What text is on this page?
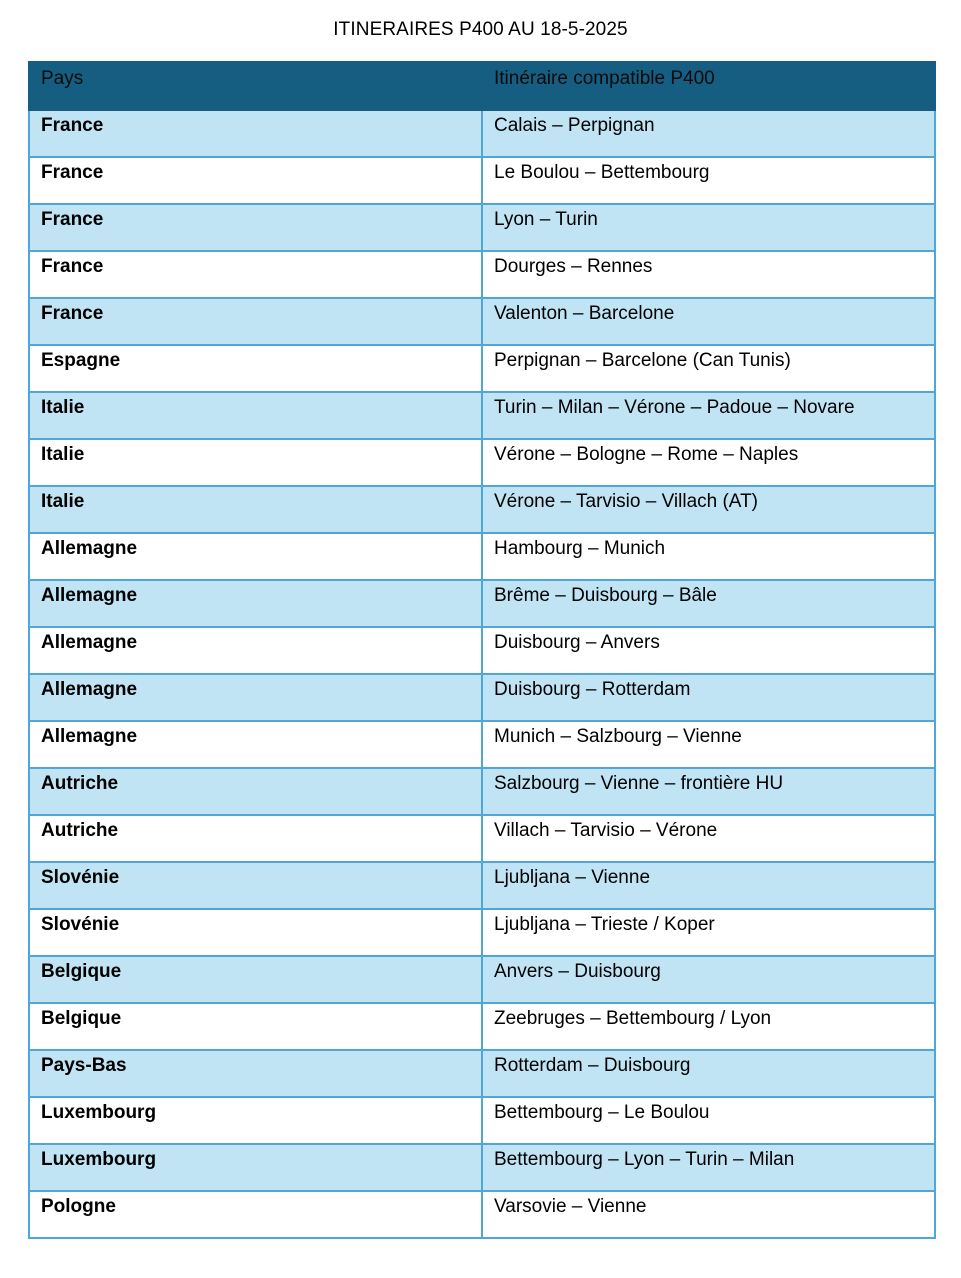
ITINERAIRES P400 AU 18-5-2025
Pays	Itinéraire compatible P400
France	Calais – Perpignan
France	Le Boulou – Bettembourg
France	Lyon – Turin
France	Dourges – Rennes
France	Valenton – Barcelone
Espagne	Perpignan – Barcelone (Can Tunis)
Italie	Turin – Milan – Vérone – Padoue – Novare
Italie	Vérone – Bologne – Rome – Naples
Italie	Vérone – Tarvisio – Villach (AT)
Allemagne	Hambourg – Munich
Allemagne	Brême – Duisbourg – Bâle
Allemagne	Duisbourg – Anvers
Allemagne	Duisbourg – Rotterdam
Allemagne	Munich – Salzbourg – Vienne
Autriche	Salzbourg – Vienne – frontière HU
Autriche	Villach – Tarvisio – Vérone
Slovénie	Ljubljana – Vienne
Slovénie	Ljubljana – Trieste / Koper
Belgique	Anvers – Duisbourg
Belgique	Zeebruges – Bettembourg / Lyon
Pays-Bas	Rotterdam – Duisbourg
Luxembourg	Bettembourg – Le Boulou
Luxembourg	Bettembourg – Lyon – Turin – Milan
Pologne	Varsovie – Vienne
